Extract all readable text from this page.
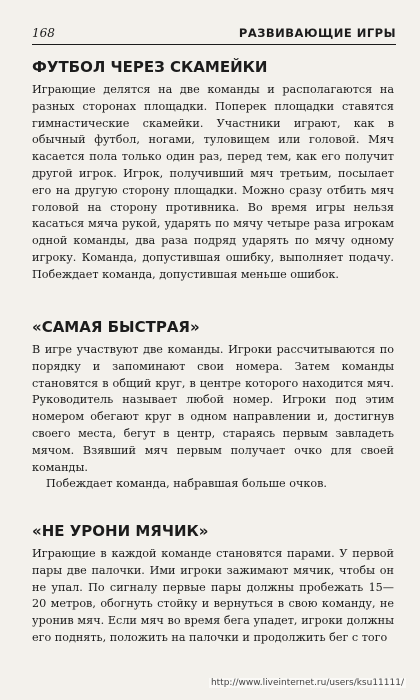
168	РАЗВИВАЮЩИЕ ИГРЫ
ФУТБОЛ ЧЕРЕЗ СКАМЕЙКИ

Играющие делятся на две команды и располагаются на разных сторонах площадки. Поперек площадки ставятся гимнастические скамейки. Участники играют, как в обычный футбол, ногами, туловищем или головой. Мяч касается пола только один раз, перед тем, как его получит другой игрок. Игрок, получивший мяч третьим, посылает его на другую сторону площадки. Можно сразу отбить мяч головой на сторону противника. Во время игры нельзя касаться мяча рукой, ударять по мячу четыре раза игрокам одной команды, два раза подряд ударять по мячу одному игроку. Команда, допустившая ошибку, выполняет подачу. Побеждает команда, допустившая меньше ошибок.

«САМАЯ БЫСТРАЯ»

В игре участвуют две команды. Игроки рассчитываются по порядку и запоминают свои номера. Затем команды становятся в общий круг, в центре которого находится мяч. Руководитель называет любой номер. Игроки под этим номером обегают круг в одном направлении и, достигнув своего места, бегут в центр, стараясь первым завладеть мячом. Взявший мяч первым получает очко для своей команды.

Побеждает команда, набравшая больше очков.

«НЕ УРОНИ МЯЧИК»

Играющие в каждой команде становятся парами. У первой пары две палочки. Ими игроки зажимают мячик, чтобы он не упал. По сигналу первые пары должны пробежать 15—20 метров, обогнуть стойку и вернуться в свою команду, не уронив мяч. Если мяч во время бега упадет, игроки должны его поднять, положить на палочки и продолжить бег с того

http://www.liveinternet.ru/users/ksu11111/
